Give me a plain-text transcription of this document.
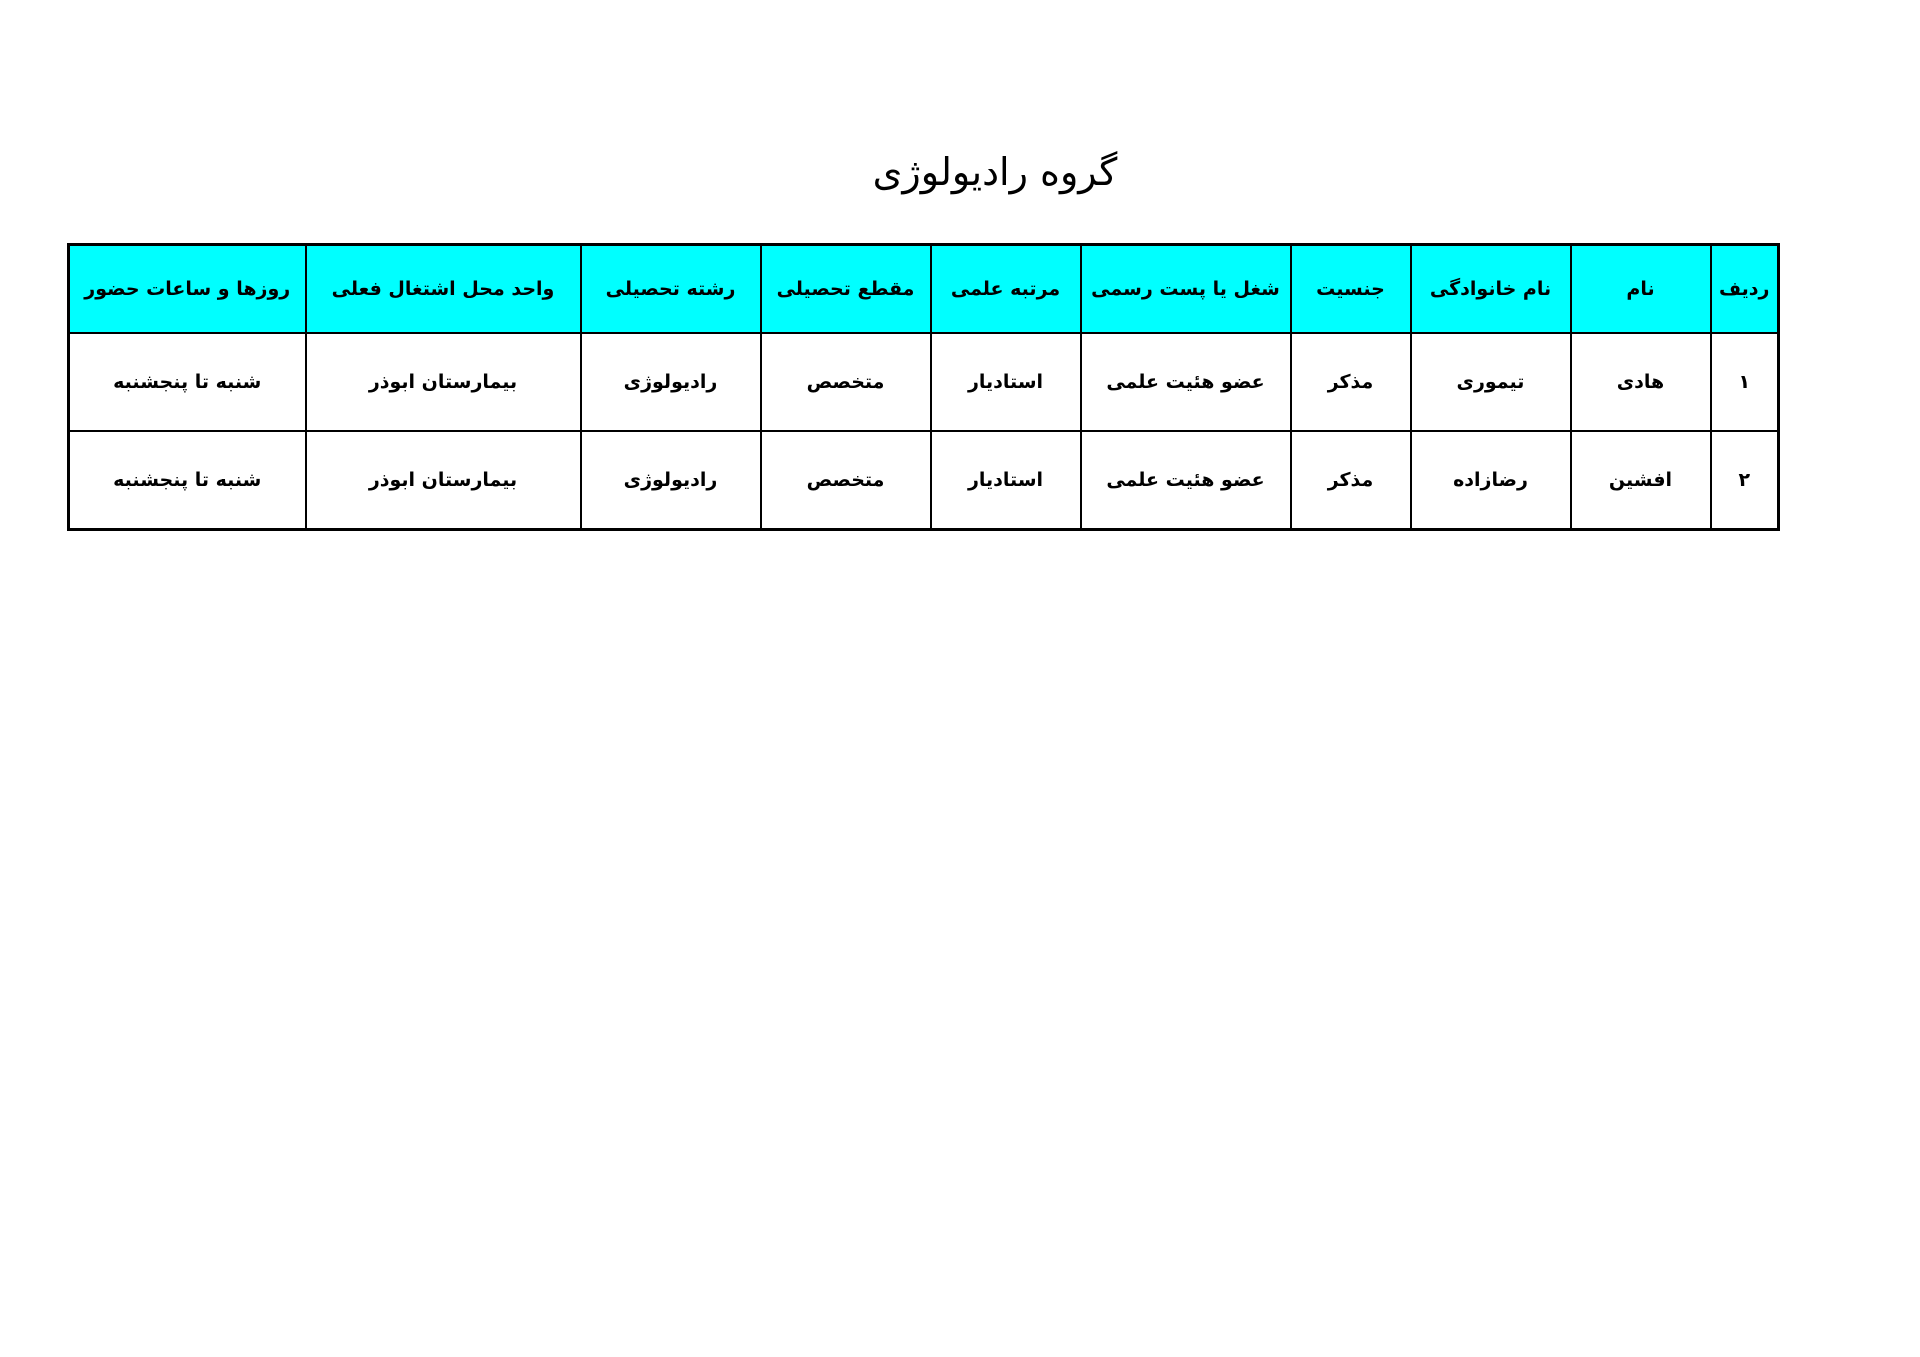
گروه رادیولوژی
ردیف	نام	نام خانوادگی	جنسیت	شغل یا پست رسمی	مرتبه علمی	مقطع تحصیلی	رشته تحصیلی	واحد محل اشتغال فعلی	روزها و ساعات حضور
۱	هادی	تیموری	مذکر	عضو هئیت علمی	استادیار	متخصص	رادیولوژی	بیمارستان ابوذر	شنبه تا پنجشنبه
۲	افشین	رضازاده	مذکر	عضو هئیت علمی	استادیار	متخصص	رادیولوژی	بیمارستان ابوذر	شنبه تا پنجشنبه
